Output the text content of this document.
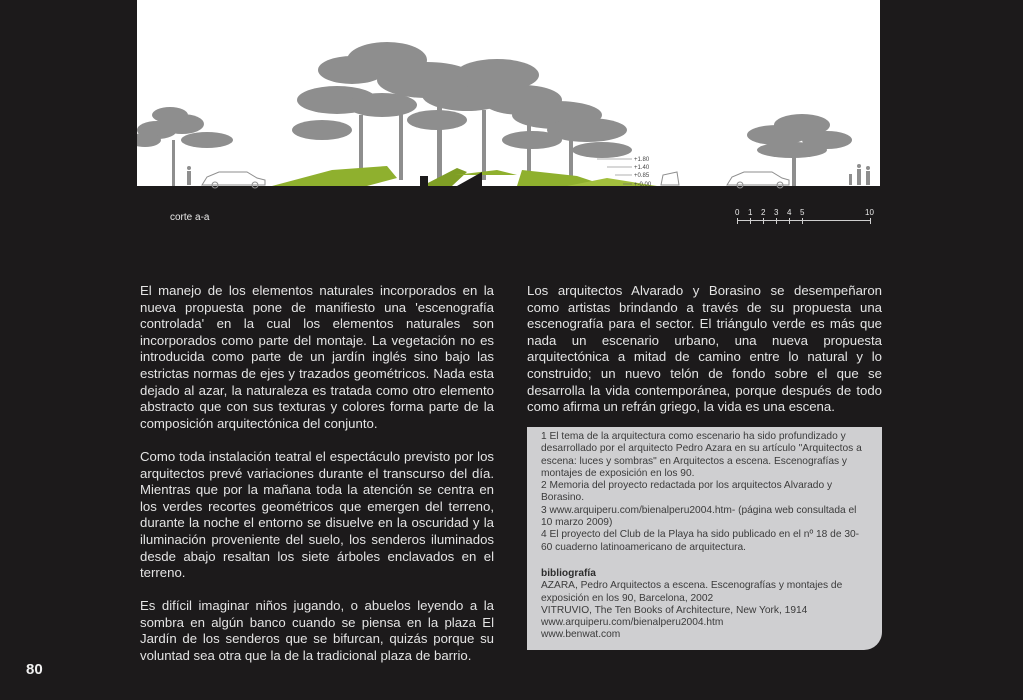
+1.80
+1.40
+0.85
+-0.00
corte a-a	0 1 2 3 4 5	10

El manejo de los elementos naturales incorporados en la nueva propuesta pone de manifiesto una 'escenografía controlada' en la cual los elementos naturales son incorporados como parte del montaje. La vegetación no es introducida como parte de un jardín inglés sino bajo las estrictas normas de ejes y trazados geométricos. Nada esta dejado al azar, la naturaleza es tratada como otro elemento abstracto que con sus texturas y colores forma parte de la composición arquitectónica del conjunto.

Como toda instalación teatral el espectáculo previsto por los arquitectos prevé variaciones durante el transcurso del día. Mientras que por la mañana toda la atención se centra en los verdes recortes geométricos que emergen del terreno, durante la noche el entorno se disuelve en la oscuridad y la iluminación proveniente del suelo, los senderos iluminados desde abajo resaltan los siete árboles enclavados en el terreno.

Es difícil imaginar niños jugando, o abuelos leyendo a la sombra en algún banco cuando se piensa en la plaza El Jardín de los senderos que se bifurcan, quizás porque su voluntad sea otra que la de la tradicional plaza de barrio.

Los arquitectos Alvarado y Borasino se desempeñaron como artistas brindando a través de su propuesta una escenografía para el sector. El triángulo verde es más que nada un escenario urbano, una nueva propuesta arquitectónica a mitad de camino entre lo natural y lo construido; un nuevo telón de fondo sobre el que se desarrolla la vida contemporánea, porque después de todo como afirma un refrán griego, la vida es una escena.

1 El tema de la arquitectura como escenario ha sido profundizado y desarrollado por el arquitecto Pedro Azara en su artículo "Arquitectos a escena: luces y sombras" en Arquitectos a escena. Escenografías y montajes de exposición en los 90.

2 Memoria del proyecto redactada por los arquitectos Alvarado y Borasino.

3 www.arquiperu.com/bienalperu2004.htm- (página web consultada el 10 marzo 2009)

4 El proyecto del Club de la Playa ha sido publicado en el nº 18 de 30-60 cuaderno latinoamericano de arquitectura.

bibliografía

AZARA, Pedro Arquitectos a escena. Escenografías y montajes de exposición en los 90, Barcelona, 2002

VITRUVIO, The Ten Books of Architecture, New York, 1914

www.arquiperu.com/bienalperu2004.htm

www.benwat.com

80
